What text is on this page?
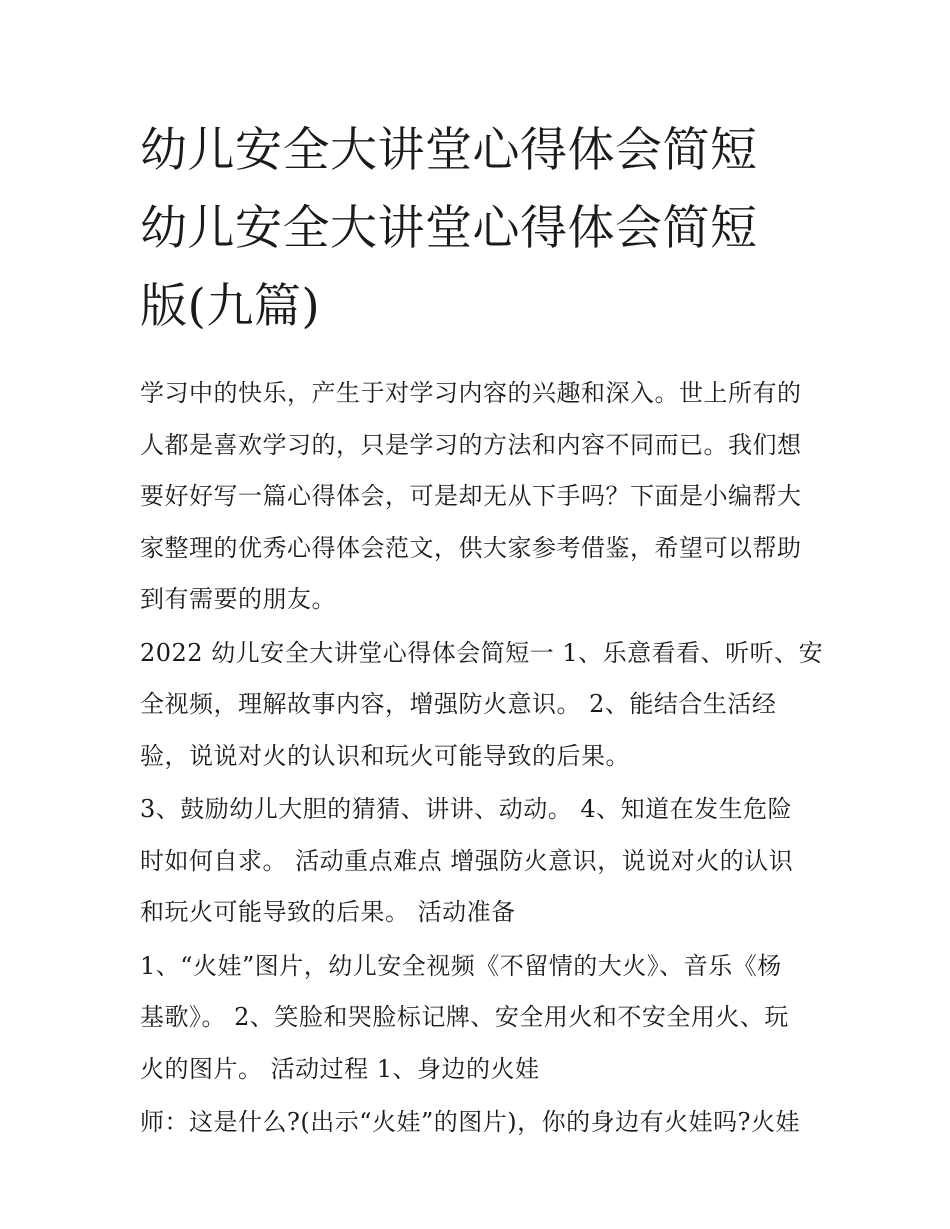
幼儿安全大讲堂心得体会简短
幼儿安全大讲堂心得体会简短
版(九篇)

学习中的快乐，产生于对学习内容的兴趣和深入。世上所有的
人都是喜欢学习的，只是学习的方法和内容不同而已。我们想
要好好写一篇心得体会，可是却无从下手吗？下面是小编帮大
家整理的优秀心得体会范文，供大家参考借鉴，希望可以帮助
到有需要的朋友。

2022 幼儿安全大讲堂心得体会简短一 1、乐意看看、听听、安
全视频，理解故事内容，增强防火意识。 2、能结合生活经
验，说说对火的认识和玩火可能导致的后果。

3、鼓励幼儿大胆的猜猜、讲讲、动动。 4、知道在发生危险
时如何自求。 活动重点难点 增强防火意识，说说对火的认识
和玩火可能导致的后果。 活动准备

1、“火娃”图片，幼儿安全视频《不留情的大火》、音乐《杨
基歌》。 2、笑脸和哭脸标记牌、安全用火和不安全用火、玩
火的图片。 活动过程 1、身边的火娃

师：这是什么?(出示“火娃”的图片)，你的身边有火娃吗?火娃
